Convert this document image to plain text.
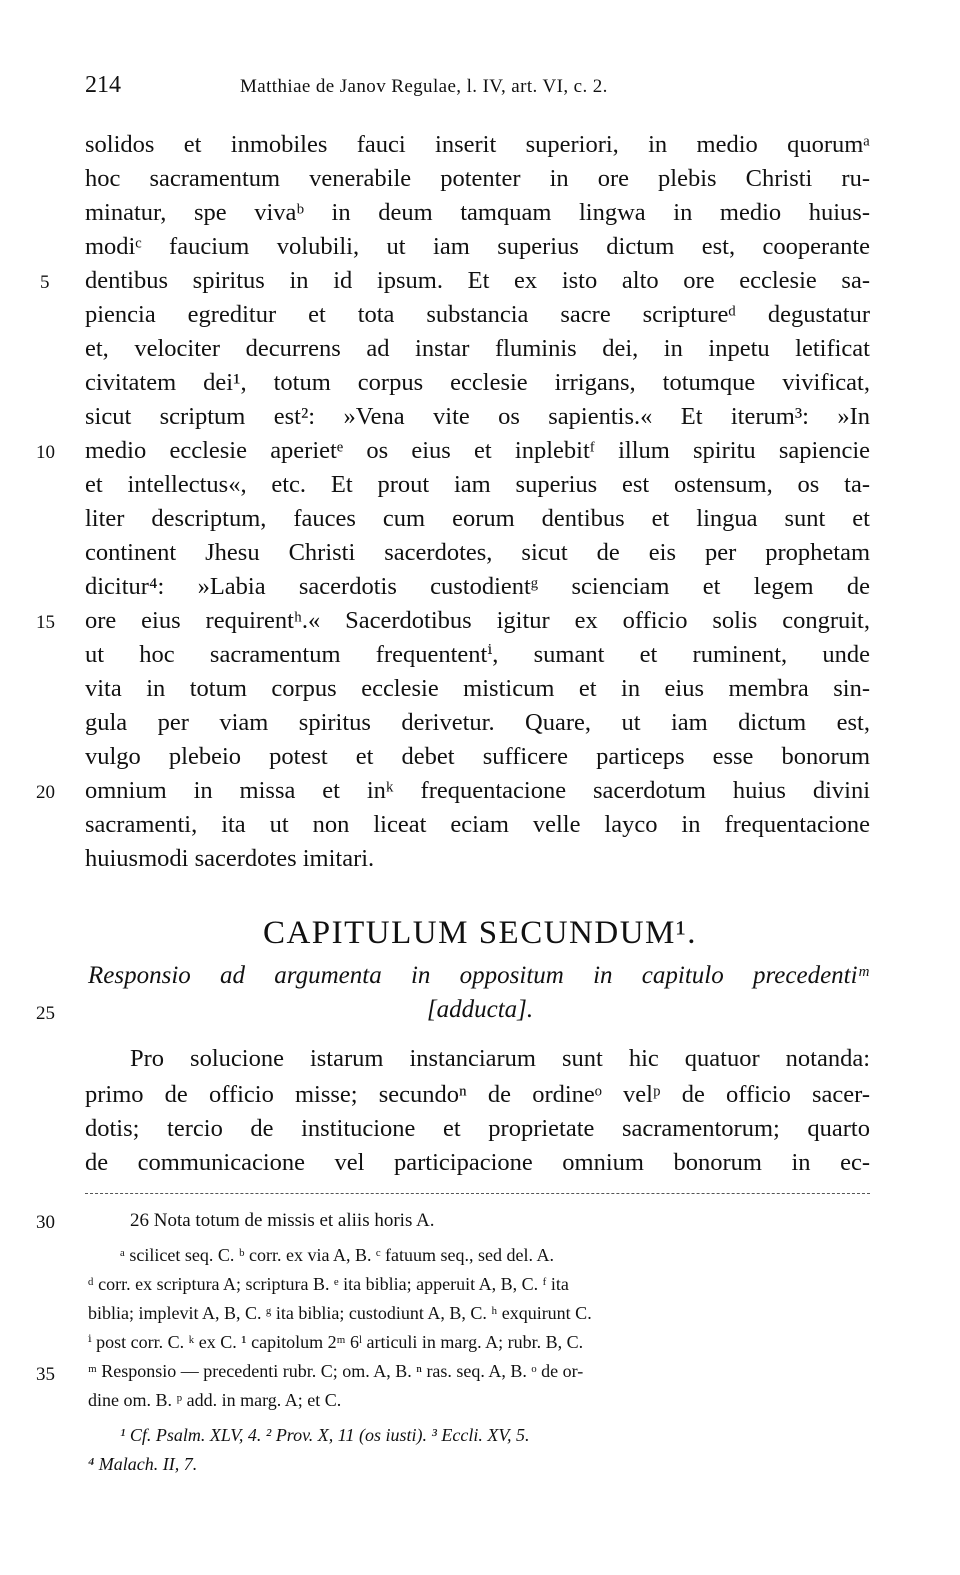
214	Matthiae de Janov Regulae, l. IV, art. VI, c. 2.
solidos et inmobiles fauci inserit superiori, in medio quorumᵃ
hoc sacramentum venerabile potenter in ore plebis Christi ru-
minatur, spe vivaᵇ in deum tamquam lingwa in medio huius-
modiᶜ faucium volubili, ut iam superius dictum est, cooperante
dentibus spiritus in id ipsum. Et ex isto alto ore ecclesie sa-
piencia egreditur et tota substancia sacre scriptureᵈ degustatur
et, velociter decurrens ad instar fluminis dei, in inpetu letificat
civitatem dei¹, totum corpus ecclesie irrigans, totumque vivificat,
sicut scriptum est²: »Vena vite os sapientis.« Et iterum³: »In
medio ecclesie aperietᵉ os eius et inplebitᶠ illum spiritu sapiencie
et intellectus«, etc. Et prout iam superius est ostensum, os ta-
liter descriptum, fauces cum eorum dentibus et lingua sunt et
continent Jhesu Christi sacerdotes, sicut de eis per prophetam
dicitur⁴: »Labia sacerdotis custodientᵍ scienciam et legem de
ore eius requirentʰ.« Sacerdotibus igitur ex officio solis congruit,
ut hoc sacramentum frequententⁱ, sumant et ruminent, unde
vita in totum corpus ecclesie misticum et in eius membra sin-
gula per viam spiritus derivetur. Quare, ut iam dictum est,
vulgo plebeio potest et debet sufficere particeps esse bonorum
omnium in missa et inᵏ frequentacione sacerdotum huius divini
sacramenti, ita ut non liceat eciam velle layco in frequentacione
huiusmodi sacerdotes imitari.
5
10
15
20
25
30
35
CAPITULUM SECUNDUM¹.
Responsio ad argumenta in oppositum in capitulo precedentiᵐ
[adducta].
Pro solucione istarum instanciarum sunt hic quatuor notanda:
primo de officio misse; secundoⁿ de ordineᵒ velᵖ de officio sacer-
dotis; tercio de institucione et proprietate sacramentorum; quarto
de communicacione vel participacione omnium bonorum in ec-
26 Nota totum de missis et aliis horis A.
ᵃ scilicet seq. C. ᵇ corr. ex via A, B. ᶜ fatuum seq., sed del. A.
ᵈ corr. ex scriptura A; scriptura B. ᵉ ita biblia; apperuit A, B, C. ᶠ ita
biblia; implevit A, B, C. ᵍ ita biblia; custodiunt A, B, C. ʰ exquirunt C.
ⁱ post corr. C. ᵏ ex C. ¹ capitolum 2ᵐ 6ˡ articuli in marg. A; rubr. B, C.
ᵐ Responsio — precedenti rubr. C; om. A, B. ⁿ ras. seq. A, B. ᵒ de or-
dine om. B. ᵖ add. in marg. A; et C.
¹ Cf. Psalm. XLV, 4. ² Prov. X, 11 (os iusti). ³ Eccli. XV, 5.
⁴ Malach. II, 7.
